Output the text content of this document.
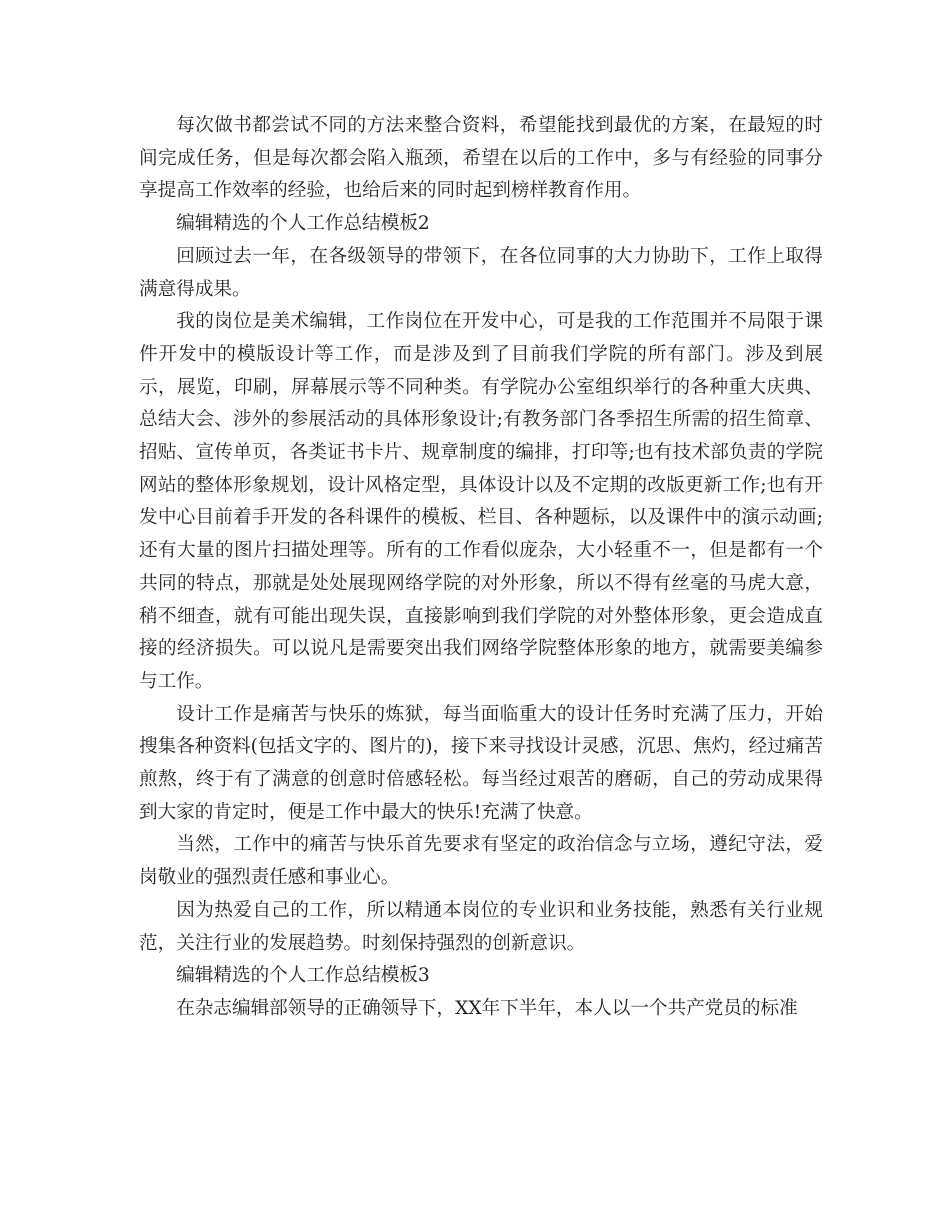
每次做书都尝试不同的方法来整合资料，希望能找到最优的方案，在最短的时间完成任务，但是每次都会陷入瓶颈，希望在以后的工作中，多与有经验的同事分享提高工作效率的经验，也给后来的同时起到榜样教育作用。

编辑精选的个人工作总结模板2

回顾过去一年，在各级领导的带领下，在各位同事的大力协助下，工作上取得满意得成果。

我的岗位是美术编辑，工作岗位在开发中心，可是我的工作范围并不局限于课件开发中的模版设计等工作，而是涉及到了目前我们学院的所有部门。涉及到展示，展览，印刷，屏幕展示等不同种类。有学院办公室组织举行的各种重大庆典、总结大会、涉外的参展活动的具体形象设计;有教务部门各季招生所需的招生简章、招贴、宣传单页，各类证书卡片、规章制度的编排，打印等;也有技术部负责的学院网站的整体形象规划，设计风格定型，具体设计以及不定期的改版更新工作;也有开发中心目前着手开发的各科课件的模板、栏目、各种题标，以及课件中的演示动画;还有大量的图片扫描处理等。所有的工作看似庞杂，大小轻重不一，但是都有一个共同的特点，那就是处处展现网络学院的对外形象，所以不得有丝毫的马虎大意，稍不细查，就有可能出现失误，直接影响到我们学院的对外整体形象，更会造成直接的经济损失。可以说凡是需要突出我们网络学院整体形象的地方，就需要美编参与工作。

设计工作是痛苦与快乐的炼狱，每当面临重大的设计任务时充满了压力，开始搜集各种资料(包括文字的、图片的)，接下来寻找设计灵感，沉思、焦灼，经过痛苦煎熬，终于有了满意的创意时倍感轻松。每当经过艰苦的磨砺，自己的劳动成果得到大家的肯定时，便是工作中最大的快乐!充满了快意。

当然，工作中的痛苦与快乐首先要求有坚定的政治信念与立场，遵纪守法，爱岗敬业的强烈责任感和事业心。

因为热爱自己的工作，所以精通本岗位的专业识和业务技能，熟悉有关行业规范，关注行业的发展趋势。时刻保持强烈的创新意识。

编辑精选的个人工作总结模板3

在杂志编辑部领导的正确领导下，XX年下半年，本人以一个共产党员的标准
